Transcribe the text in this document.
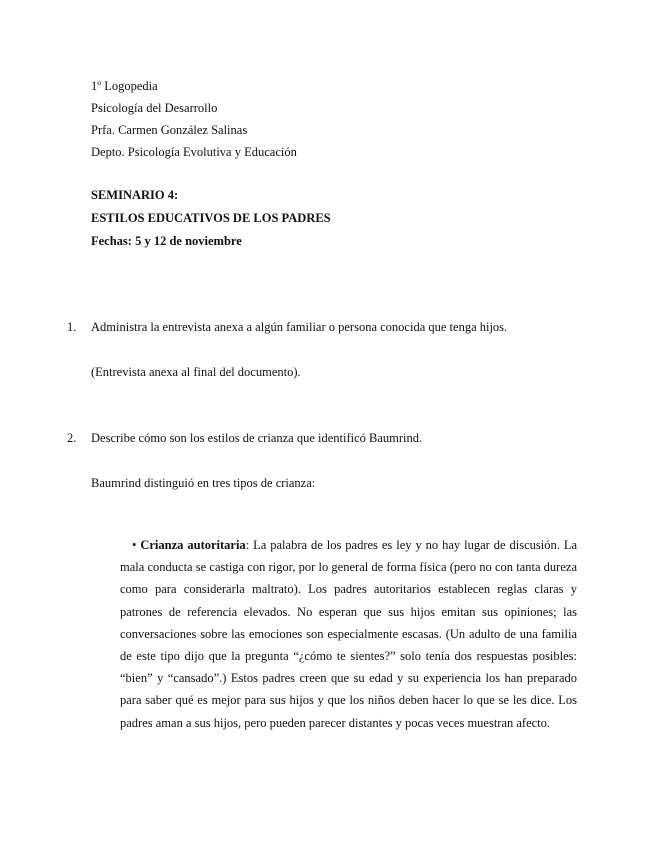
1º Logopedia
Psicología del Desarrollo
Prfa. Carmen González Salinas
Depto. Psicología Evolutiva y Educación
SEMINARIO 4:
ESTILOS EDUCATIVOS DE LOS PADRES
Fechas: 5 y 12 de noviembre
1. Administra la entrevista anexa a algún familiar o persona conocida que tenga hijos.
(Entrevista anexa al final del documento).
2. Describe cómo son los estilos de crianza que identificó Baumrind.
Baumrind distinguió en tres tipos de crianza:
• Crianza autoritaria: La palabra de los padres es ley y no hay lugar de discusión. La mala conducta se castiga con rigor, por lo general de forma física (pero no con tanta dureza como para considerarla maltrato). Los padres autoritarios establecen reglas claras y patrones de referencia elevados. No esperan que sus hijos emitan sus opiniones; las conversaciones sobre las emociones son especialmente escasas. (Un adulto de una familia de este tipo dijo que la pregunta “¿cómo te sientes?” solo tenía dos respuestas posibles: “bien” y “cansado”.) Estos padres creen que su edad y su experiencia los han preparado para saber qué es mejor para sus hijos y que los niños deben hacer lo que se les dice. Los padres aman a sus hijos, pero pueden parecer distantes y pocas veces muestran afecto.
